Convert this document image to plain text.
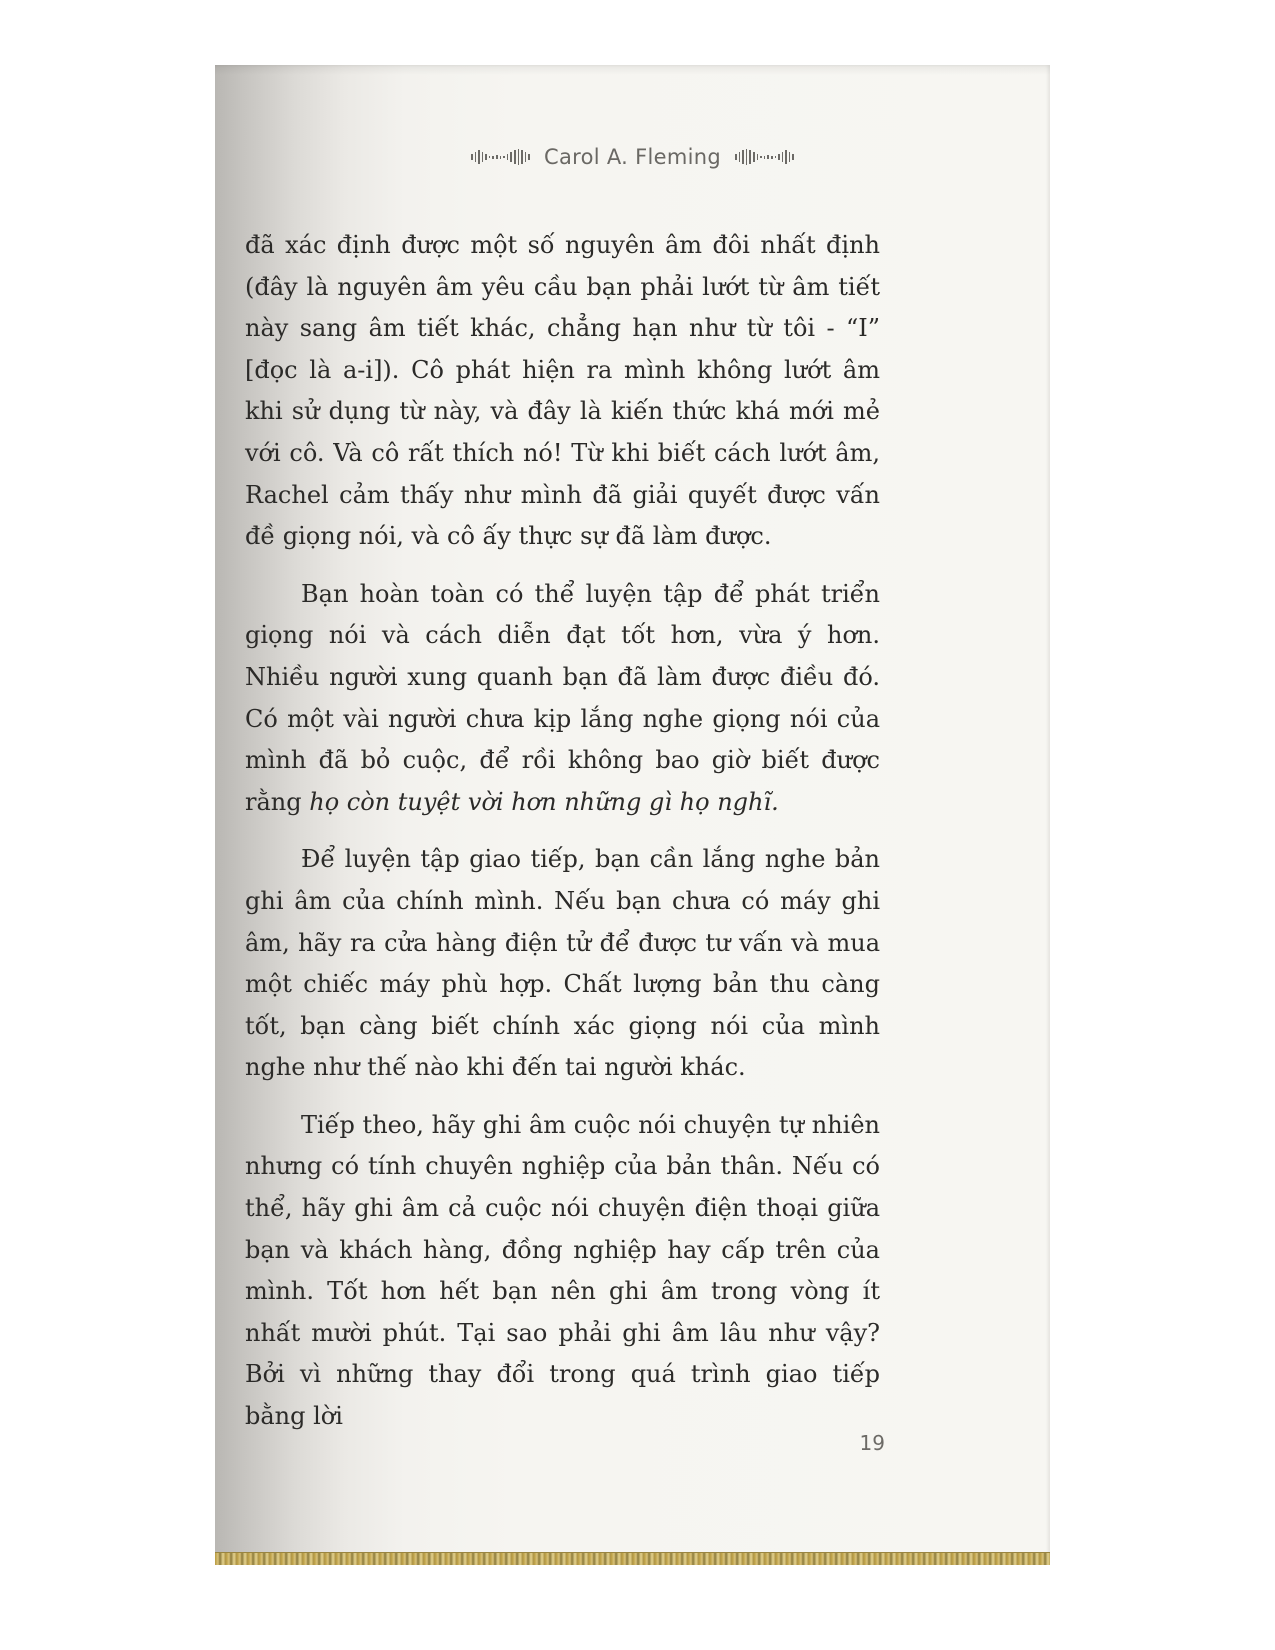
Carol A. Fleming

đã xác định được một số nguyên âm đôi nhất định (đây là nguyên âm yêu cầu bạn phải lướt từ âm tiết này sang âm tiết khác, chẳng hạn như từ tôi - “I” [đọc là a-i]). Cô phát hiện ra mình không lướt âm khi sử dụng từ này, và đây là kiến thức khá mới mẻ với cô. Và cô rất thích nó! Từ khi biết cách lướt âm, Rachel cảm thấy như mình đã giải quyết được vấn đề giọng nói, và cô ấy thực sự đã làm được.

Bạn hoàn toàn có thể luyện tập để phát triển giọng nói và cách diễn đạt tốt hơn, vừa ý hơn. Nhiều người xung quanh bạn đã làm được điều đó. Có một vài người chưa kịp lắng nghe giọng nói của mình đã bỏ cuộc, để rồi không bao giờ biết được rằng họ còn tuyệt vời hơn những gì họ nghĩ.

Để luyện tập giao tiếp, bạn cần lắng nghe bản ghi âm của chính mình. Nếu bạn chưa có máy ghi âm, hãy ra cửa hàng điện tử để được tư vấn và mua một chiếc máy phù hợp. Chất lượng bản thu càng tốt, bạn càng biết chính xác giọng nói của mình nghe như thế nào khi đến tai người khác.

Tiếp theo, hãy ghi âm cuộc nói chuyện tự nhiên nhưng có tính chuyên nghiệp của bản thân. Nếu có thể, hãy ghi âm cả cuộc nói chuyện điện thoại giữa bạn và khách hàng, đồng nghiệp hay cấp trên của mình. Tốt hơn hết bạn nên ghi âm trong vòng ít nhất mười phút. Tại sao phải ghi âm lâu như vậy? Bởi vì những thay đổi trong quá trình giao tiếp bằng lời

19
